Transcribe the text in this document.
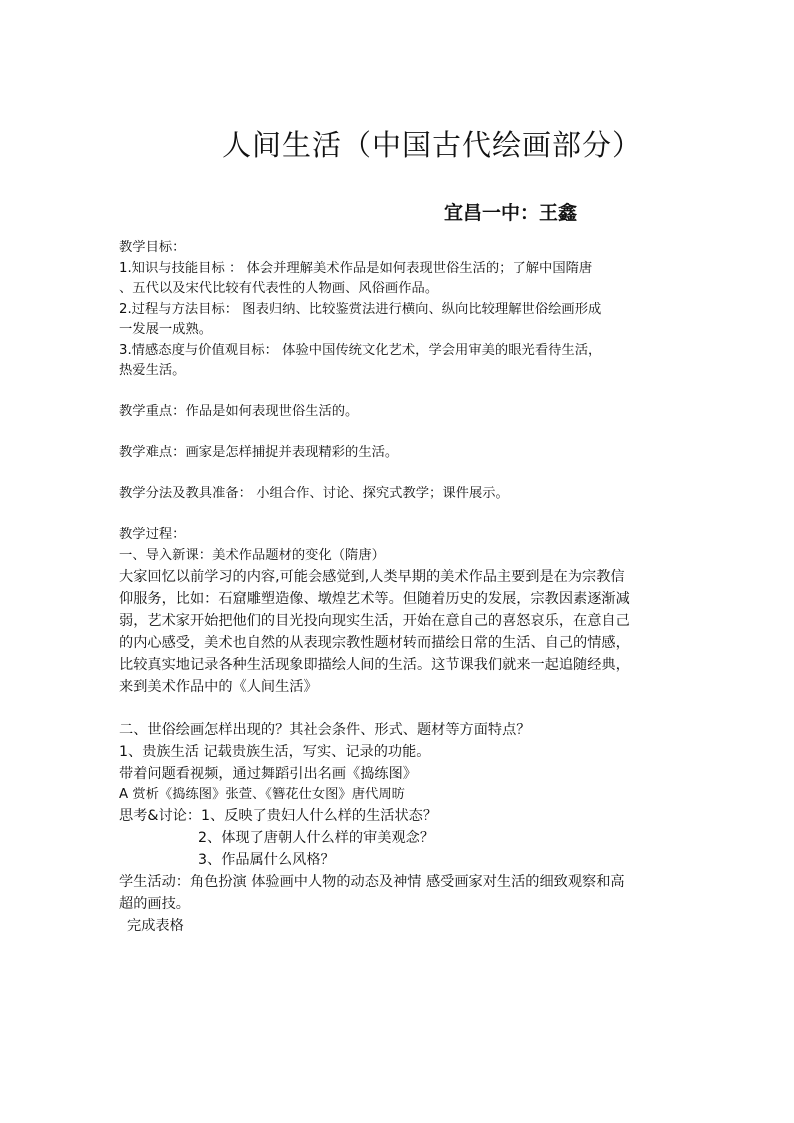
人间生活（中国古代绘画部分）
宜昌一中：王鑫
教学目标：
1.知识与技能目标 ： 体会并理解美术作品是如何表现世俗生活的；了解中国隋唐
、五代以及宋代比较有代表性的人物画、风俗画作品。
2.过程与方法目标： 图表归纳、比较鉴赏法进行横向、纵向比较理解世俗绘画形成
一发展一成熟。
3.情感态度与价值观目标： 体验中国传统文化艺术，学会用审美的眼光看待生活，
热爱生活。
教学重点：作品是如何表现世俗生活的。
教学难点：画家是怎样捕捉并表现精彩的生活。
教学分法及教具准备： 小组合作、讨论、探究式教学；课件展示。
教学过程：
一、导入新课：美术作品题材的变化（隋唐）
大家回忆以前学习的内容,可能会感觉到,人类早期的美术作品主要到是在为宗教信
仰服务，比如：石窟雕塑造像、墩煌艺术等。但随着历史的发展，宗教因素逐渐减
弱，艺术家开始把他们的目光投向现实生活，开始在意自己的喜怒哀乐，在意自己
的内心感受，美术也自然的从表现宗教性题材转而描绘日常的生活、自己的情感，
比较真实地记录各种生活现象即描绘人间的生活。这节课我们就来一起追随经典，
来到美术作品中的《人间生活》
二、世俗绘画怎样出现的？其社会条件、形式、题材等方面特点？
1、贵族生活 记载贵族生活，写实、记录的功能。
带着问题看视频，通过舞蹈引出名画《捣练图》
A 赏析《捣练图》张萱、《簪花仕女图》唐代周昉
思考&讨论：1、反映了贵妇人什么样的生活状态？
2、体现了唐朝人什么样的审美观念？
3、作品属什么风格？
学生活动：角色扮演 体验画中人物的动态及神情 感受画家对生活的细致观察和高
超的画技。
完成表格
